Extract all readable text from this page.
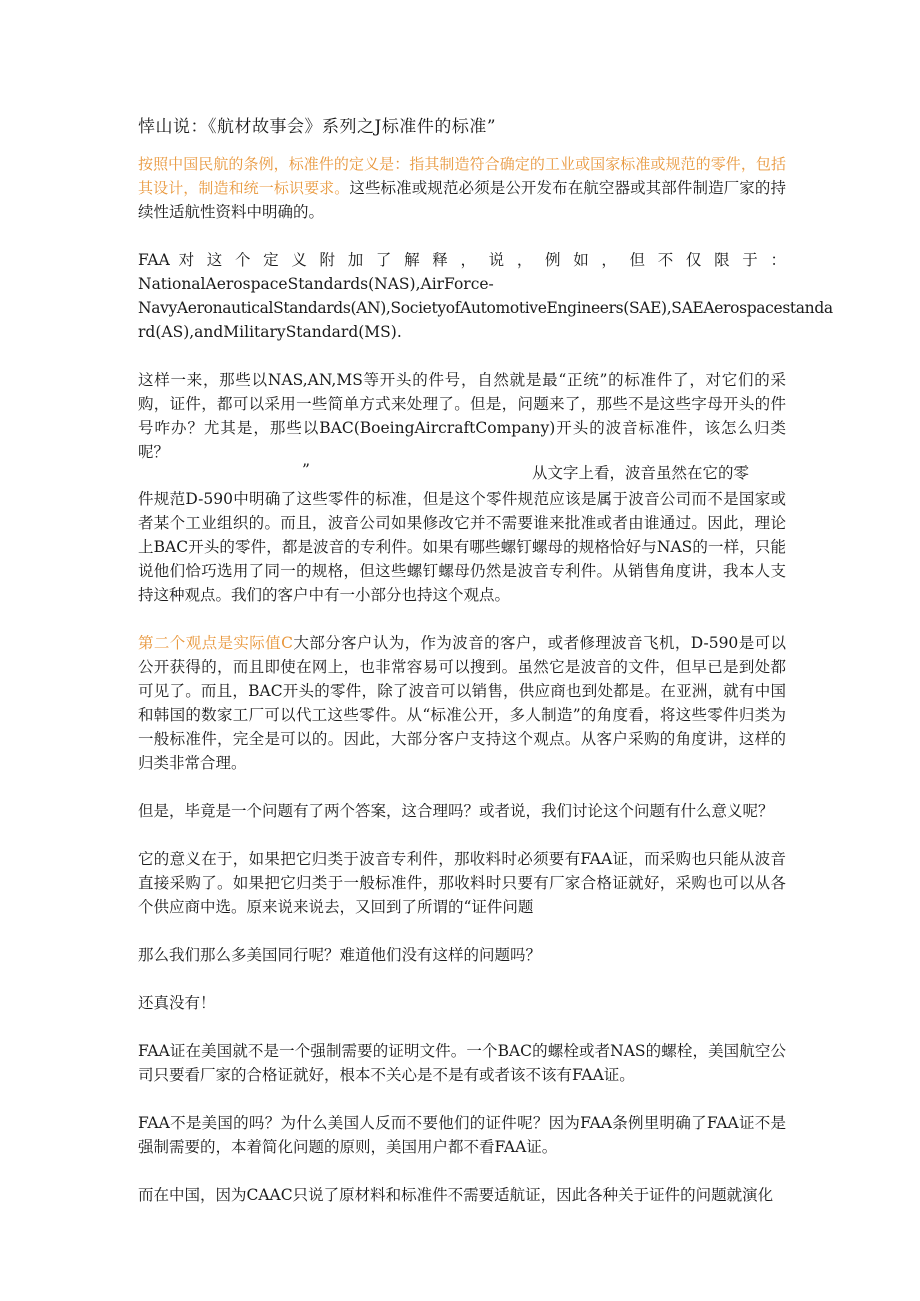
悻山说：《航材故事会》系列之J标准件的标准”

按照中国民航的条例，标准件的定义是：指其制造符合确定的工业或国家标准或规范的零件，包括其设计，制造和统一标识要求。这些标准或规范必须是公开发布在航空器或其部件制造厂家的持续性适航性资料中明确的。

FAA 对 这 个 定 义 附 加 了 解 释 ， 说 ， 例 如 ， 但 不 仅 限 于 ：
NationalAerospaceStandards(NAS),AirForce-
NavyAeronauticalStandards(AN),SocietyofAutomotiveEngineers(SAE),SAEAerospacestanda
rd(AS),andMilitaryStandard(MS).

这样一来，那些以NAS,AN,MS等开头的件号，自然就是最“正统”的标准件了，对它们的采购，证件，都可以采用一些简单方式来处理了。但是，问题来了，那些不是这些字母开头的件号咋办？尤其是，那些以BAC(BoeingAircraftCompany)开头的波音标准件，该怎么归类呢？

”	从文字上看，波音虽然在它的零

件规范D-590中明确了这些零件的标准，但是这个零件规范应该是属于波音公司而不是国家或者某个工业组织的。而且，波音公司如果修改它并不需要谁来批准或者由谁通过。因此，理论上BAC开头的零件，都是波音的专利件。如果有哪些螺钉螺母的规格恰好与NAS的一样，只能说他们恰巧选用了同一的规格，但这些螺钉螺母仍然是波音专利件。从销售角度讲，我本人支持这种观点。我们的客户中有一小部分也持这个观点。

第二个观点是实际值C大部分客户认为，作为波音的客户，或者修理波音飞机，D-590是可以公开获得的，而且即使在网上，也非常容易可以搜到。虽然它是波音的文件，但早已是到处都可见了。而且，BAC开头的零件，除了波音可以销售，供应商也到处都是。在亚洲，就有中国和韩国的数家工厂可以代工这些零件。从“标准公开，多人制造”的角度看，将这些零件归类为一般标准件，完全是可以的。因此，大部分客户支持这个观点。从客户采购的角度讲，这样的归类非常合理。

但是，毕竟是一个问题有了两个答案，这合理吗？或者说，我们讨论这个问题有什么意义呢？

它的意义在于，如果把它归类于波音专利件，那收料时必须要有FAA证，而采购也只能从波音直接采购了。如果把它归类于一般标准件，那收料时只要有厂家合格证就好，采购也可以从各个供应商中选。原来说来说去，又回到了所谓的“证件问题

那么我们那么多美国同行呢？难道他们没有这样的问题吗？

还真没有！

FAA证在美国就不是一个强制需要的证明文件。一个BAC的螺栓或者NAS的螺栓，美国航空公司只要看厂家的合格证就好，根本不关心是不是有或者该不该有FAA证。

FAA不是美国的吗？为什么美国人反而不要他们的证件呢？因为FAA条例里明确了FAA证不是强制需要的，本着简化问题的原则，美国用户都不看FAA证。

而在中国，因为CAAC只说了原材料和标准件不需要适航证，因此各种关于证件的问题就演化
